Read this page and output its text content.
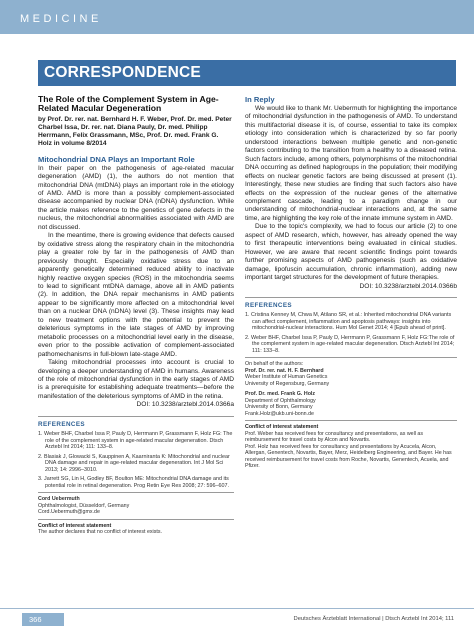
MEDICINE
CORRESPONDENCE
The Role of the Complement System in Age-Related Macular Degeneration
by Prof. Dr. rer. nat. Bernhard H. F. Weber, Prof. Dr. med. Peter Charbel Issa, Dr. rer. nat. Diana Pauly, Dr. med. Philipp Herrmann, Felix Grassmann, MSc, Prof. Dr. med. Frank G. Holz in volume 8/2014
Mitochondrial DNA Plays an Important Role

In their paper on the pathogenesis of age-related macular degeneration (AMD) (1), the authors do not mention that mitochondrial DNA (mtDNA) plays an important role in the etiology of AMD. AMD is more than a possibly complement-associated disease accompanied by nuclear DNA (nDNA) dysfunction. While the article makes reference to the genetics of gene defects in the nucleus, the mitochondrial abnormalities associated with AMD are not discussed.

In the meantime, there is growing evidence that defects caused by oxidative stress along the respiratory chain in the mitochondria play a greater role by far in the pathogenesis of AMD than previously thought. Especially oxidative stress due to an apparently genetically determined reduced ability to inactivate highly reactive oxygen species (ROS) in the mitochondria seems to lead to significant mtDNA damage, above all in AMD patients (2). In addition, the DNA repair mechanisms in AMD patients appear to be significantly more affected on a mitochondrial level than on a nuclear DNA (nDNA) level (3). These insights may lead to new treatment options with the potential to prevent the deleterious symptoms in the late stages of AMD by improving metabolic processes on a mitochondrial level early in the disease, even prior to the possible activation of complement-associated pathomechanisms in full-blown late-stage AMD.

Taking mitochondrial processes into account is crucial to developing a deeper understanding of AMD in humans. Awareness of the role of mitochondrial dysfunction in the early stages of AMD is a prerequisite for establishing adequate treatments—before the manifestation of the deleterious symptoms of AMD in the retina.

DOI: 10.3238/arztebl.2014.0366a
REFERENCES
1. Weber BHF, Charbel Issa P, Pauly D, Herrmann P, Grassmann F, Holz FG: The role of the complement system in age-related macular degeneration. Dtsch Arztebl Int 2014; 111: 133–8.
2. Blasiak J, Glowacki S, Kauppinen A, Kaarniranta K: Mitochondrial and nuclear DNA damage and repair in age-related macular degeneration. Int J Mol Sci 2013; 14: 2996–3010.
3. Jarrett SG, Lin H, Godley BF, Boulton ME: Mitochondrial DNA damage and its potential role in retinal degeneration. Prog Retin Eye Res 2008; 27: 596–607.
Cord Uebermuth
Ophthalmologist, Düsseldorf, Germany
Cord.Uebermuth@gmx.de
Conflict of interest statement
The author declares that no conflict of interest exists.
In Reply

We would like to thank Mr. Uebermuth for highlighting the importance of mitochondrial dysfunction in the pathogenesis of AMD. To understand this multifactorial disease it is, of course, essential to take its complex etiology into consideration which is characterized by so far poorly understood interactions between multiple genetic and non-genetic factors contributing to the transition from a healthy to a diseased retina. Such factors include, among others, polymorphisms of the mitochondrial DNA occurring as defined haplogroups in the population; their modifying effects on nuclear genetic factors are being discussed at present (1). Interestingly, these new studies are finding that such factors also have effects on the expression of the nuclear genes of the alternative complement cascade, leading to a paradigm change in our understanding of mitochondrial-nuclear interactions and, at the same time, are highlighting the key role of the innate immune system in AMD.

Due to the topic's complexity, we had to focus our article (2) to one aspect of AMD research, which, however, has already opened the way to first therapeutic interventions being evaluated in clinical studies. However, we are aware that recent scientific findings point towards further promising aspects of AMD pathogenesis (such as oxidative damage, lipofuscin accumulation, chronic inflammation), adding new important target structures for the development of future therapies.

DOI: 10.3238/arztebl.2014.0366b
REFERENCES
1. Cristina Kenney M, Chwa M, Atilano SR, et al.: Inherited mitochondrial DNA variants can affect complement, inflammation and apoptosis pathways: insights into mitochondrial-nuclear interactions. Hum Mol Genet 2014; 4 [Epub ahead of print].
2. Weber BHF, Charbel Issa P, Pauly D, Herrmann P, Grassmann F, Holz FG:The role of the complement system in age-related macular degeneration. Dtsch Arztebl Int 2014; 111: 133–8.
On behalf of the authors:
Prof. Dr. rer. nat. H. F. Bernhard
Weber Institute of Human Genetics
University of Regensburg, Germany
Prof. Dr. med. Frank G. Holz
Department of Ophthalmology
University of Bonn, Germany
Frank.Holz@ukb.uni-bonn.de
Conflict of interest statement
Prof. Weber has received fees for consultancy and presentations, as well as reimbursement for travel costs by Alcon and Novartis.
Prof. Holz has received fees for consultancy and presentations by Acucela, Alcon, Allergan, Genentech, Novartis, Bayer, Merz, Heidelberg Engineering, and Bayer. He has received reimbursement for travel costs from Roche, Novartis, Genentech, Acuela, and Pfizer.
366	Deutsches Ärzteblatt International | Dtsch Arztebl Int 2014; 111
